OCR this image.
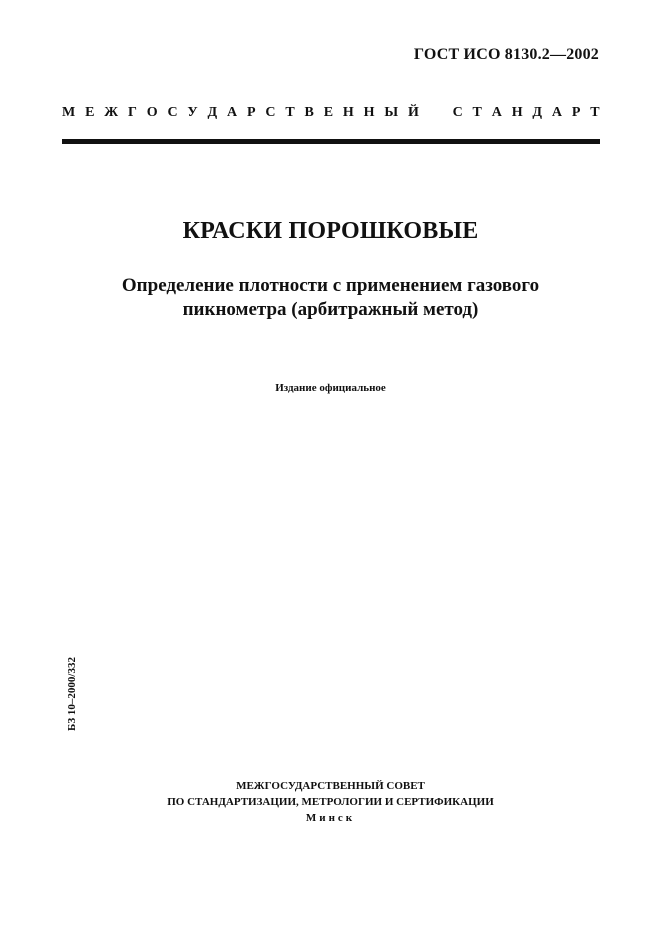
ГОСТ ИСО 8130.2—2002
М Е Ж Г О С У Д А Р С Т В Е Н Н Ы Й С Т А Н Д А Р Т
КРАСКИ ПОРОШКОВЫЕ
Определение плотности с применением газового
пикнометра (арбитражный метод)
Издание официальное
БЗ 10–2000/332
МЕЖГОСУДАРСТВЕННЫЙ СОВЕТ
ПО СТАНДАРТИЗАЦИИ, МЕТРОЛОГИИ И СЕРТИФИКАЦИИ
Минск
